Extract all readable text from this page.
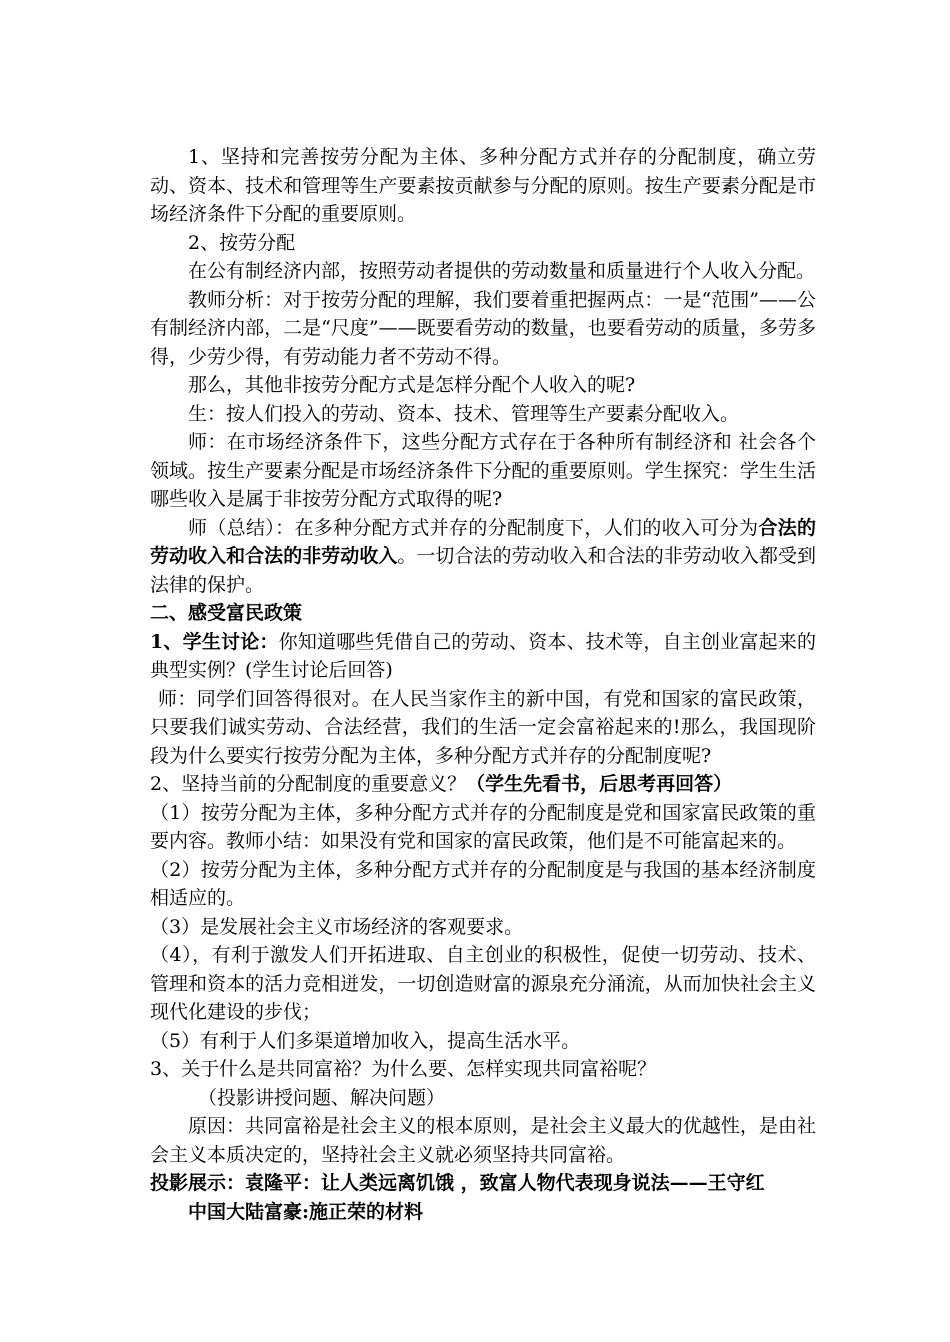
1、坚持和完善按劳分配为主体、多种分配方式并存的分配制度，确立劳动、资本、技术和管理等生产要素按贡献参与分配的原则。按生产要素分配是市场经济条件下分配的重要原则。

2、按劳分配

在公有制经济内部，按照劳动者提供的劳动数量和质量进行个人收入分配。

教师分析：对于按劳分配的理解，我们要着重把握两点：一是“范围”——公有制经济内部，二是“尺度”——既要看劳动的数量，也要看劳动的质量，多劳多得，少劳少得，有劳动能力者不劳动不得。

那么，其他非按劳分配方式是怎样分配个人收入的呢?

生：按人们投入的劳动、资本、技术、管理等生产要素分配收入。

师：在市场经济条件下，这些分配方式存在于各种所有制经济和 社会各个领域。按生产要素分配是市场经济条件下分配的重要原则。学生探究：学生生活哪些收入是属于非按劳分配方式取得的呢?

师（总结）：在多种分配方式并存的分配制度下，人们的收入可分为合法的劳动收入和合法的非劳动收入。一切合法的劳动收入和合法的非劳动收入都受到法律的保护。

二、感受富民政策

1、学生讨论：你知道哪些凭借自己的劳动、资本、技术等，自主创业富起来的典型实例？(学生讨论后回答)

师：同学们回答得很对。在人民当家作主的新中国，有党和国家的富民政策，只要我们诚实劳动、合法经营，我们的生活一定会富裕起来的!那么，我国现阶段为什么要实行按劳分配为主体，多种分配方式并存的分配制度呢?

2、坚持当前的分配制度的重要意义？（学生先看书，后思考再回答）

（1）按劳分配为主体，多种分配方式并存的分配制度是党和国家富民政策的重要内容。教师小结：如果没有党和国家的富民政策，他们是不可能富起来的。

（2）按劳分配为主体，多种分配方式并存的分配制度是与我国的基本经济制度相适应的。

（3）是发展社会主义市场经济的客观要求。

（4），有利于激发人们开拓进取、自主创业的积极性，促使一切劳动、技术、管理和资本的活力竞相迸发，一切创造财富的源泉充分涌流，从而加快社会主义现代化建设的步伐；

（5）有利于人们多渠道增加收入，提高生活水平。

3、关于什么是共同富裕？为什么要、怎样实现共同富裕呢？

（投影讲授问题、解决问题）

原因：共同富裕是社会主义的根本原则，是社会主义最大的优越性，是由社会主义本质决定的，坚持社会主义就必须坚持共同富裕。

投影展示：袁隆平：让人类远离饥饿 ，致富人物代表现身说法——王守红

中国大陆富豪:施正荣的材料
